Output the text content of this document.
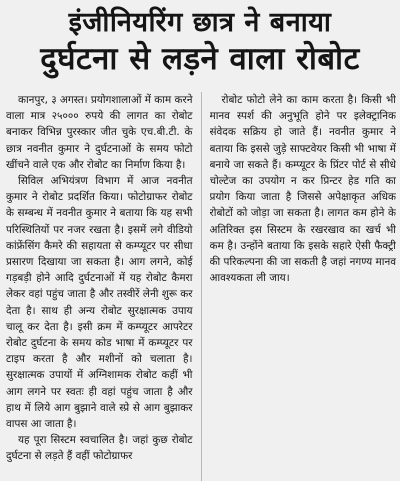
इंजीनियरिंग छात्र ने बनाया
दुर्घटना से लड़ने वाला रोबोट

कानपुर, ३ अगस्त। प्रयोगशालाओं में काम करने वाला मात्र २५००० रुपये की लागत का रोबोट बनाकर विभिन्न पुरस्कार जीत चुके एच.बी.टी. के छात्र नवनीत कुमार ने दुर्घटनाओं के समय फोटो खींचने वाले एक और रोबोट का निर्माण किया है।

सिविल अभियंत्रण विभाग में आज नवनीत कुमार ने रोबोट प्रदर्शित किया। फोटोग्राफर रोबोट के सम्बन्ध में नवनीत कुमार ने बताया कि यह सभी परिस्थितियों पर नजर रखता है। इसमें लगे वीडियो कांफ्रेंसिंग कैमरे की सहायता से कम्प्यूटर पर सीधा प्रसारण दिखाया जा सकता है। आग लगने, कोई गड़बड़ी होने आदि दुर्घटनाओं में यह रोबोट कैमरा लेकर वहां पहुंच जाता है और तस्वीरें लेनी शुरू कर देता है। साथ ही अन्य रोबोट सुरक्षात्मक उपाय चालू कर देता है। इसी क्रम में कम्प्यूटर आपरेटर रोबोट दुर्घटना के समय कोड भाषा में कम्प्यूटर पर टाइप करता है और मशीनों को चलाता है। सुरक्षात्मक उपायों में अग्निशामक रोबोट कहीं भी आग लगने पर स्वतः ही वहां पहुंच जाता है और हाथ में लिये आग बुझाने वाले स्प्रे से आग बुझाकर वापस आ जाता है।

यह पूरा सिस्टम स्वचालित है। जहां कुछ रोबोट दुर्घटना से लड़ते हैं वहीं फोटोग्राफर

रोबोट फोटो लेने का काम करता है। किसी भी मानव स्पर्श की अनुभूति होने पर इलेक्ट्रानिक संवेदक सक्रिय हो जाते हैं। नवनीत कुमार ने बताया कि इससे जुड़े साफ्टवेयर किसी भी भाषा में बनाये जा सकते हैं। कम्प्यूटर के प्रिंटर पोर्ट से सीधे चोल्टेज का उपयोग न कर प्रिन्टर हेड गति का प्रयोग किया जाता है जिससे अपेक्षाकृत अधिक रोबोटों को जोड़ा जा सकता है। लागत कम होने के अतिरिक्त इस सिस्टम के रखरखाव का खर्च भी कम है। उन्होंने बताया कि इसके सहारे ऐसी फैक्ट्री की परिकल्पना की जा सकती है जहां नगण्य मानव आवश्यकता ली जाय।
